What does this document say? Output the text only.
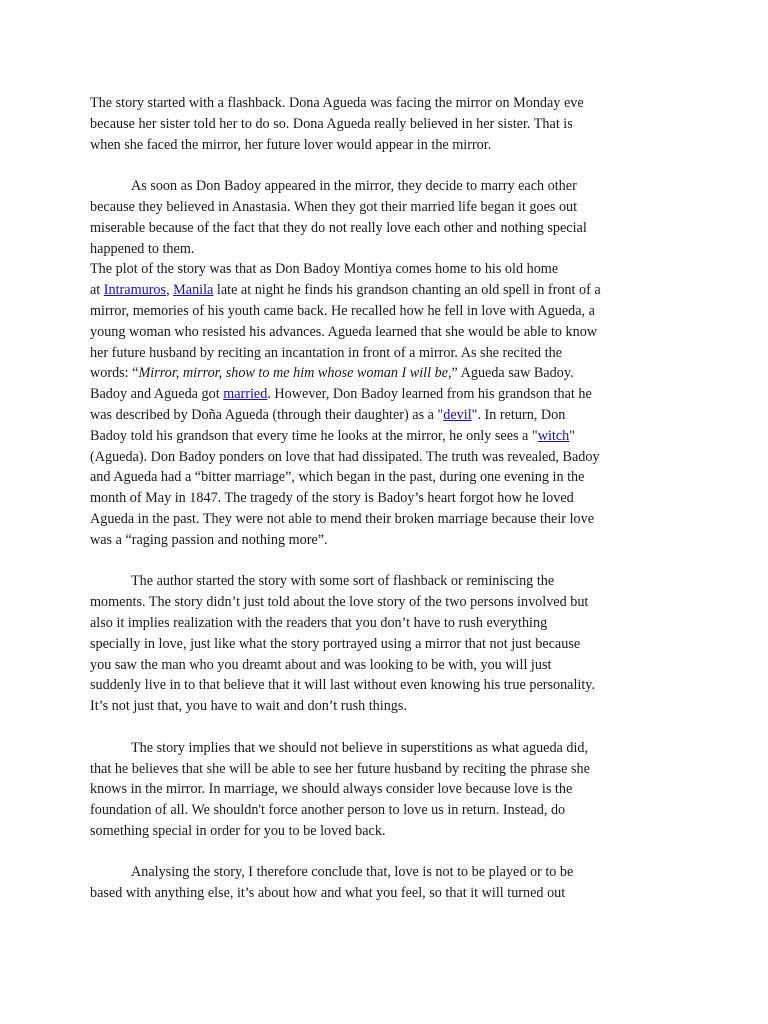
The story started with a flashback. Dona Agueda was facing the mirror on Monday eve
because her sister told her to do so. Dona Agueda really believed in her sister. That is
when she faced the mirror, her future lover would appear in the mirror.
As soon as Don Badoy appeared in the mirror, they decide to marry each other
because they believed in Anastasia. When they got their married life began it goes out
miserable because of the fact that they do not really love each other and nothing special
happened to them.
The plot of the story was that as Don Badoy Montiya comes home to his old home
at Intramuros, Manila late at night he finds his grandson chanting an old spell in front of a
mirror, memories of his youth came back. He recalled how he fell in love with Agueda, a
young woman who resisted his advances. Agueda learned that she would be able to know
her future husband by reciting an incantation in front of a mirror. As she recited the
words: “Mirror, mirror, show to me him whose woman I will be,” Agueda saw Badoy.
Badoy and Agueda got married. However, Don Badoy learned from his grandson that he
was described by Doña Agueda (through their daughter) as a "devil". In return, Don
Badoy told his grandson that every time he looks at the mirror, he only sees a "witch"
(Agueda). Don Badoy ponders on love that had dissipated. The truth was revealed, Badoy
and Agueda had a “bitter marriage”, which began in the past, during one evening in the
month of May in 1847. The tragedy of the story is Badoy’s heart forgot how he loved
Agueda in the past. They were not able to mend their broken marriage because their love
was a “raging passion and nothing more”.
The author started the story with some sort of flashback or reminiscing the
moments. The story didn’t just told about the love story of the two persons involved but
also it implies realization with the readers that you don’t have to rush everything
specially in love, just like what the story portrayed using a mirror that not just because
you saw the man who you dreamt about and was looking to be with, you will just
suddenly live in to that believe that it will last without even knowing his true personality.
It’s not just that, you have to wait and don’t rush things.
The story implies that we should not believe in superstitions as what agueda did,
that he believes that she will be able to see her future husband by reciting the phrase she
knows in the mirror. In marriage, we should always consider love because love is the
foundation of all. We shouldn't force another person to love us in return. Instead, do
something special in order for you to be loved back.
Analysing the story, I therefore conclude that, love is not to be played or to be
based with anything else, it’s about how and what you feel, so that it will turned out
